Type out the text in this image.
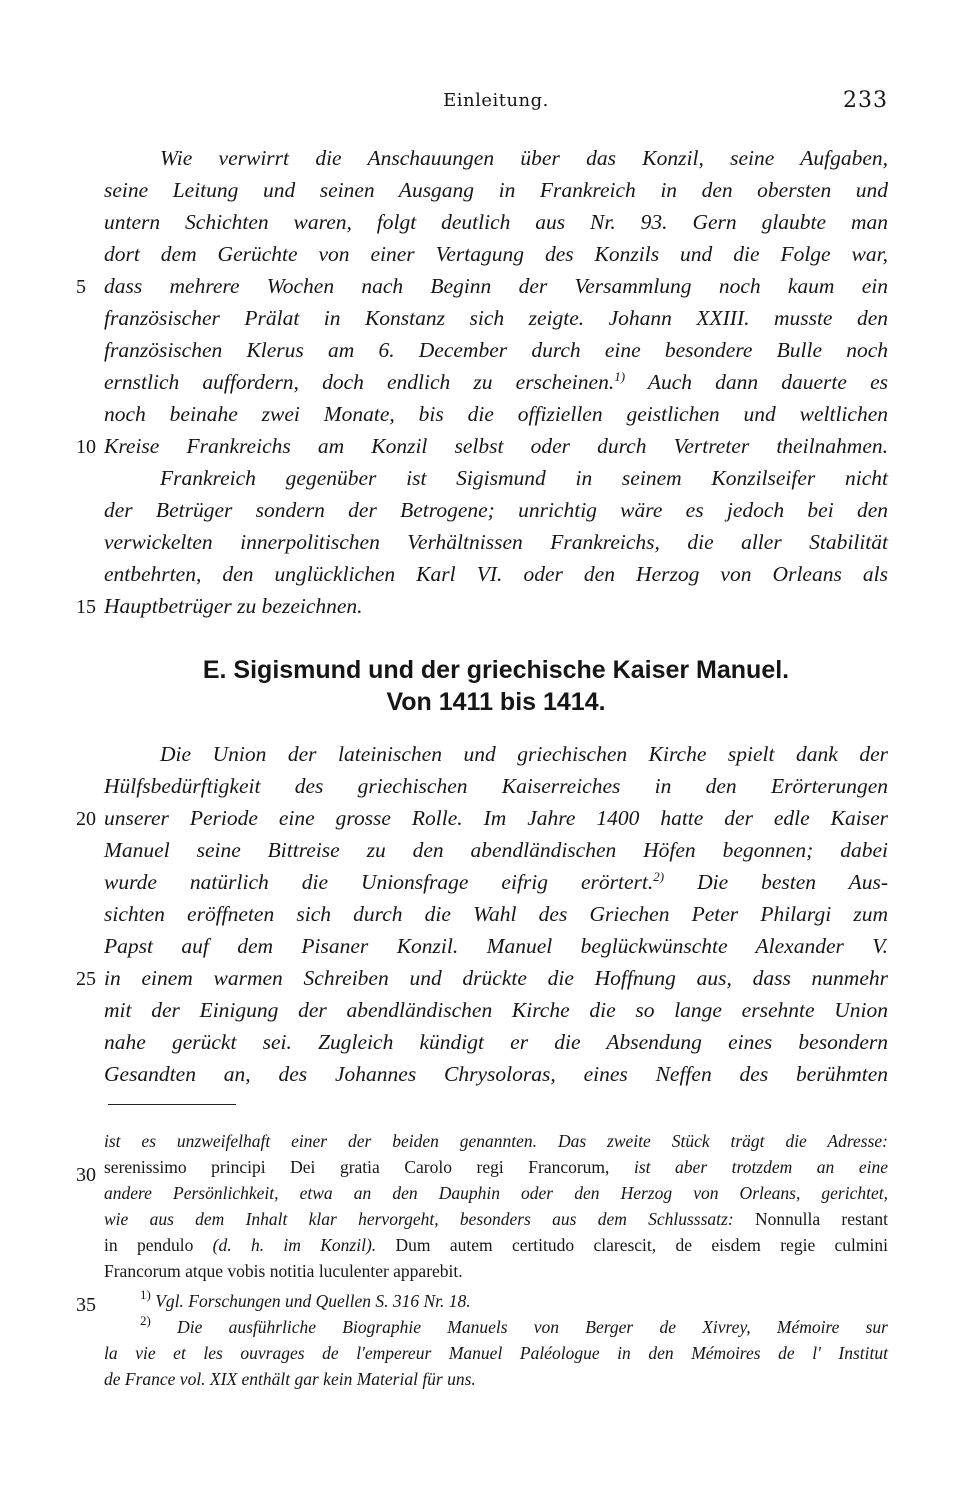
Einleitung.	233
Wie verwirrt die Anschauungen über das Konzil, seine Aufgaben,
seine Leitung und seinen Ausgang in Frankreich in den obersten und
untern Schichten waren, folgt deutlich aus Nr. 93. Gern glaubte man
dort dem Gerüchte von einer Vertagung des Konzils und die Folge war,
dass mehrere Wochen nach Beginn der Versammlung noch kaum ein
französischer Prälat in Konstanz sich zeigte. Johann XXIII. musste den
französischen Klerus am 6. December durch eine besondere Bulle noch
ernstlich auffordern, doch endlich zu erscheinen.$^{1)}$ Auch dann dauerte es
noch beinahe zwei Monate, bis die offiziellen geistlichen und weltlichen
Kreise Frankreichs am Konzil selbst oder durch Vertreter theilnahmen.
Frankreich gegenüber ist Sigismund in seinem Konzilseifer nicht
der Betrüger sondern der Betrogene; unrichtig wäre es jedoch bei den
verwickelten innerpolitischen Verhältnissen Frankreichs, die aller Stabilität
entbehrten, den unglücklichen Karl VI. oder den Herzog von Orleans als
Hauptbetrüger zu bezeichnen.
E. Sigismund und der griechische Kaiser Manuel.
Von 1411 bis 1414.
Die Union der lateinischen und griechischen Kirche spielt dank der
Hülfsbedürftigkeit des griechischen Kaiserreiches in den Erörterungen
unserer Periode eine grosse Rolle. Im Jahre 1400 hatte der edle Kaiser
Manuel seine Bittreise zu den abendländischen Höfen begonnen; dabei
wurde natürlich die Unionsfrage eifrig erörtert.$^{2)}$ Die besten Aus-
sichten eröffneten sich durch die Wahl des Griechen Peter Philargi zum
Papst auf dem Pisaner Konzil. Manuel beglückwünschte Alexander V.
in einem warmen Schreiben und drückte die Hoffnung aus, dass nunmehr
mit der Einigung der abendländischen Kirche die so lange ersehnte Union
nahe gerückt sei. Zugleich kündigt er die Absendung eines besondern
Gesandten an, des Johannes Chrysoloras, eines Neffen des berühmten
5
10
15
20
25
30
35
ist es unzweifelhaft einer der beiden genannten. Das zweite Stück trägt die Adresse:
serenissimo principi Dei gratia Carolo regi Francorum, ist aber trotzdem an eine
andere Persönlichkeit, etwa an den Dauphin oder den Herzog von Orleans, gerichtet,
wie aus dem Inhalt klar hervorgeht, besonders aus dem Schlusssatz: Nonnulla restant
in pendulo (d. h. im Konzil). Dum autem certitudo clarescit, de eisdem regie culmini
Francorum atque vobis notitia luculenter apparebit.
$^{1)}$ Vgl. Forschungen und Quellen S. 316 Nr. 18.
$^{2)}$ Die ausführliche Biographie Manuels von Berger de Xivrey, Mémoire sur
la vie et les ouvrages de l'empereur Manuel Paléologue in den Mémoires de l' Institut
de France vol. XIX enthält gar kein Material für uns.
